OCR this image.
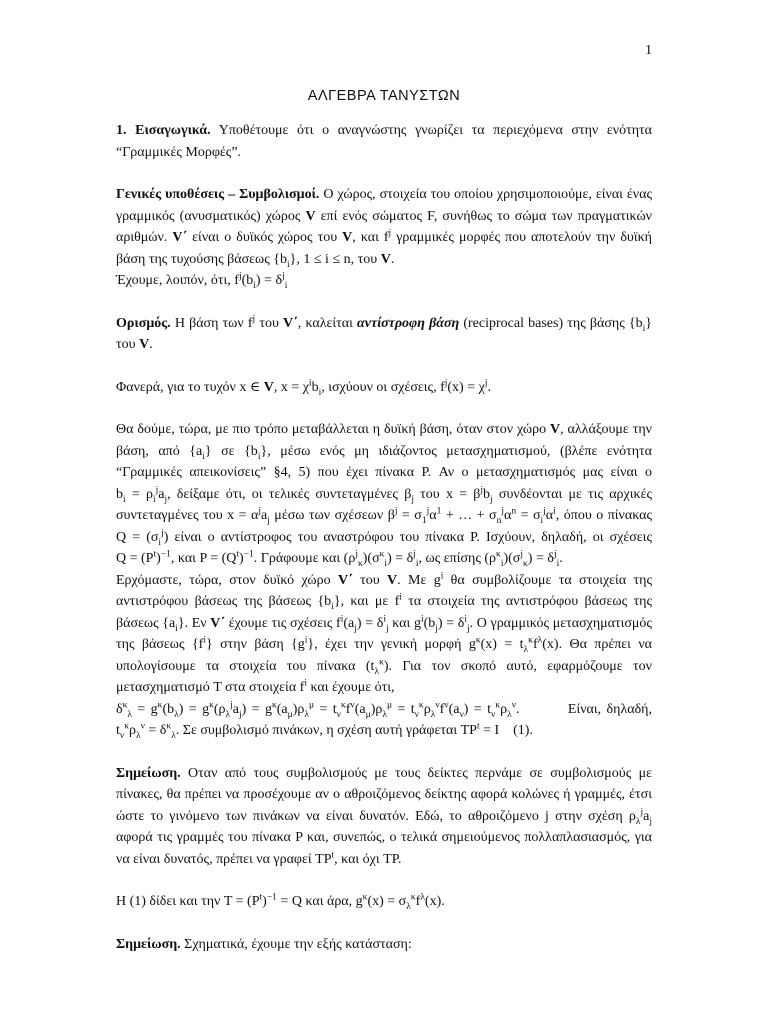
1
ΑΛΓΕΒΡΑ ΤΑΝΥΣΤΩΝ

1. Εισαγωγικά. Υποθέτουμε ότι ο αναγνώστης γνωρίζει τα περιεχόμενα στην ενότητα “Γραμμικές Μορφές”.

Γενικές υποθέσεις – Συμβολισμοί. Ο χώρος, στοιχεία του οποίου χρησιμοποιούμε, είναι ένας γραμμικός (ανυσματικός) χώρος V επί ενός σώματος F, συνήθως το σώμα των πραγματικών αριθμών. V΄ είναι ο δυϊκός χώρος του V, και $f^j$ γραμμικές μορφές που αποτελούν την δυϊκή βάση της τυχούσης βάσεως $\{b_i\}$, 1 ≤ i ≤ n, του V.

Έχουμε, λοιπόν, ότι, $f^j(b_i) = \delta^j_i$

Ορισμός. Η βάση των $f^j$ του V΄, καλείται αντίστροφη βάση (reciprocal bases) της βάσης $\{b_i\}$ του V.

Φανερά, για το τυχόν x ∈ V, $x = \chi^ib_i$, ισχύουν οι σχέσεις, $f^j(x) = \chi^j$.

Θα δούμε, τώρα, με πιο τρόπο μεταβάλλεται η δυϊκή βάση, όταν στον χώρο V, αλλάξουμε την βάση, από $\{a_i\}$ σε $\{b_i\}$, μέσω ενός μη ιδιάζοντος μετασχηματισμού, (βλέπε ενότητα “Γραμμικές απεικονίσεις” §4, 5) που έχει πίνακα P. Αν ο μετασχηματισμός μας είναι ο $b_i = \rho_i^ja_j$, δείξαμε ότι, οι τελικές συντεταγμένες $\beta_j$ του $x = \beta^jb_j$ συνδέονται με τις αρχικές συντεταγμένες του $x = \alpha^ja_j$ μέσω των σχέσεων $\beta^j = \sigma_1^j\alpha^1$ + … + $\sigma_n^j\alpha^n = \sigma_i^j\alpha^i$, όπου ο πίνακας $Q = (\sigma_i^j)$ είναι ο αντίστροφος του αναστρόφου του πίνακα P. Ισχύουν, δηλαδή, οι σχέσεις $Q = (P^t)^{-1}$, και $P = (Q^t)^{-1}$. Γράφουμε και $(\rho^j_\kappa)(\sigma^\kappa_i) = \delta^j_i$, ως επίσης $(\rho^\kappa_i)(\sigma^j_\kappa) = \delta^j_i$.

Ερχόμαστε, τώρα, στον δυϊκό χώρο V΄ του V. Με $g^i$ θα συμβολίζουμε τα στοιχεία της αντιστρόφου βάσεως της βάσεως $\{b_i\}$, και με $f^i$ τα στοιχεία της αντιστρόφου βάσεως της βάσεως $\{a_i\}$. Εν V΄ έχουμε τις σχέσεις $f^i(a_j) = \delta^i_j$ και $g^i(b_j) = \delta^i_j$. Ο γραμμικός μετασχηματισμός της βάσεως $\{f^i\}$ στην βάση $\{g^i\}$, έχει την γενική μορφή $g^\kappa(x) = t_\lambda^\kappa f^\lambda(x)$. Θα πρέπει να υπολογίσουμε τα στοιχεία του πίνακα $(t_\lambda^\kappa)$. Για τον σκοπό αυτό, εφαρμόζουμε τον μετασχηματισμό T στα στοιχεία $f^i$ και έχουμε ότι,
$\delta^\kappa_\lambda = g^\kappa(b_\lambda) = g^\kappa(\rho_\lambda^ja_j) = g^\kappa(a_\mu)\rho_\lambda^\mu = t_\nu^\kappa f^\nu(a_\mu)\rho_\lambda^\mu = t_\nu^\kappa\rho_\lambda^\nu f^\nu(a_\nu) = t_\nu^\kappa\rho_\lambda^\nu$.         Είναι, δηλαδή, $t_\nu^\kappa\rho_\lambda^\nu = \delta^\kappa_\lambda$. Σε συμβολισμό πινάκων, η σχέση αυτή γράφεται $TP^t = I$ (1).

Σημείωση. Οταν από τους συμβολισμούς με τους δείκτες περνάμε σε συμβολισμούς με πίνακες, θα πρέπει να προσέχουμε αν ο αθροιζόμενος δείκτης αφορά κολώνες ή γραμμές, έτσι ώστε το γινόμενο των πινάκων να είναι δυνατόν. Εδώ, το αθροιζόμενο j στην σχέση $\rho_\lambda^ja_j$ αφορά τις γραμμές του πίνακα P και, συνεπώς, ο τελικά σημειούμενος πολλαπλασιασμός, για να είναι δυνατός, πρέπει να γραφεί $TP^t$, και όχι TP.

Η (1) δίδει και την $T = (P^t)^{-1} = Q$ και άρα, $g^\kappa(x) = \sigma_\lambda^\kappa f^\lambda(x)$.

Σημείωση. Σχηματικά, έχουμε την εξής κατάσταση:
